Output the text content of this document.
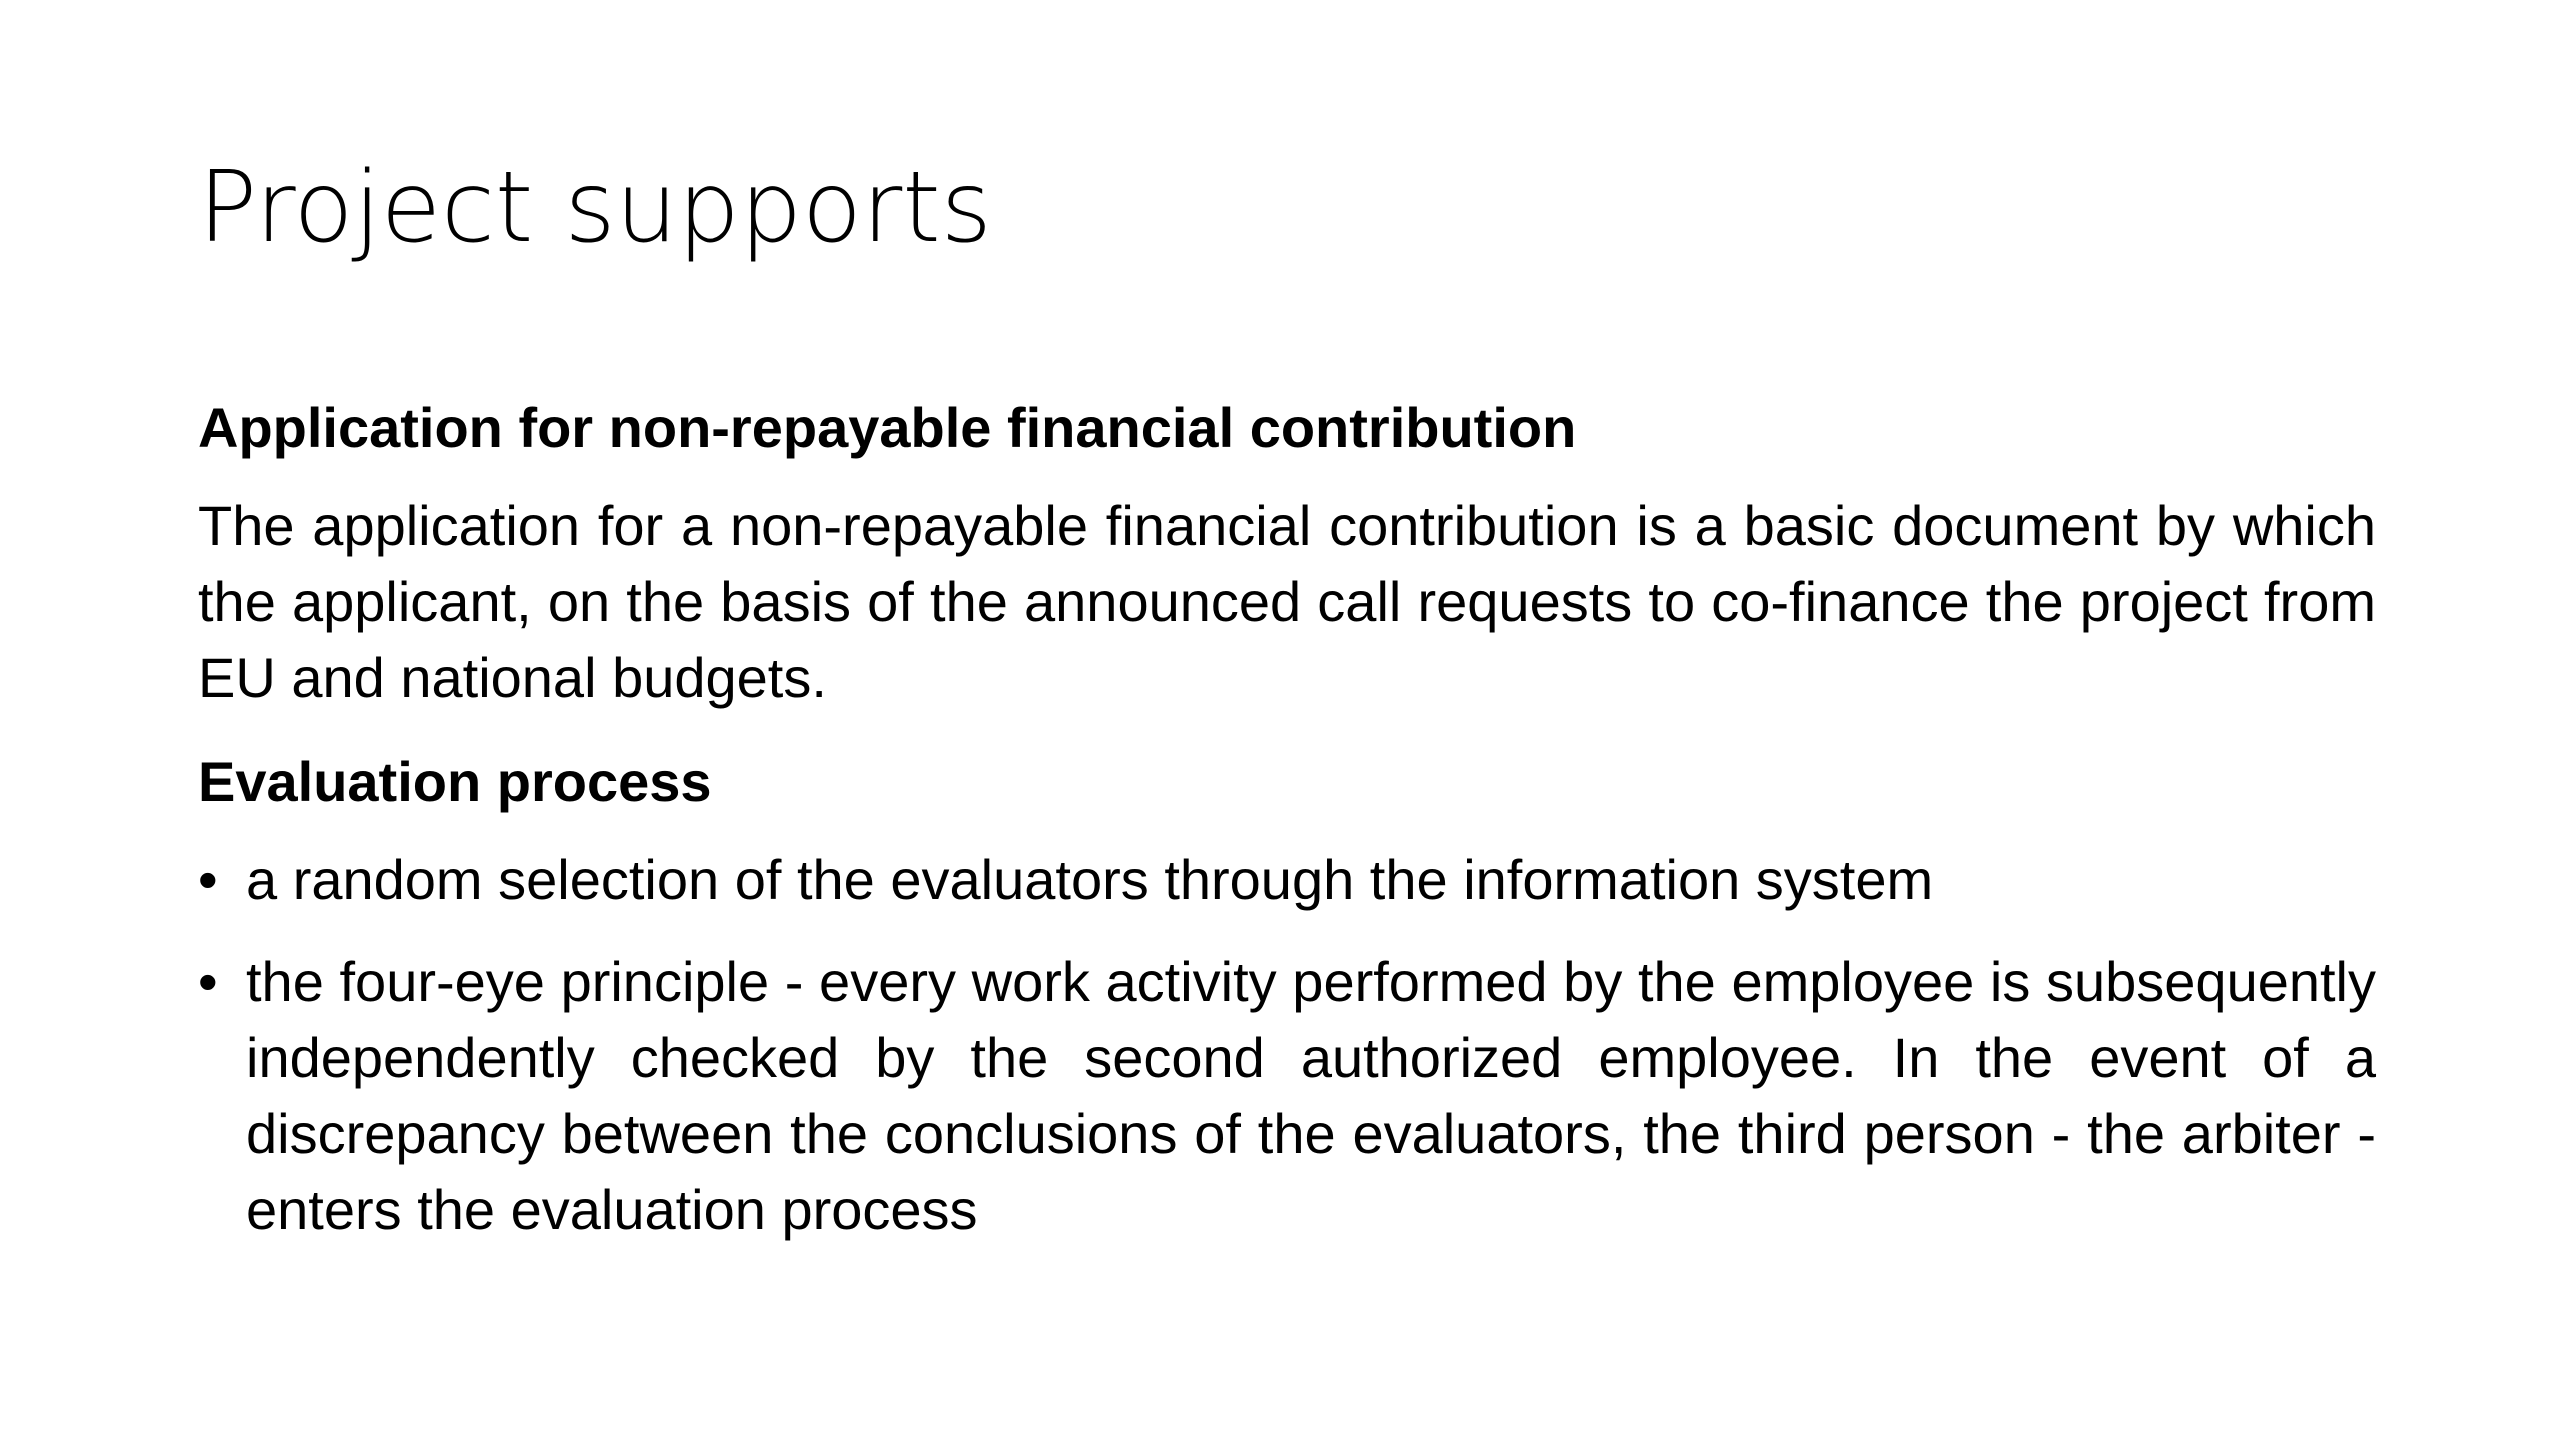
Project supports
Application for non-repayable financial contribution

The application for a non-repayable financial contribution is a basic document by which the applicant, on the basis of the announced call requests to co-finance the project from EU and national budgets.

Evaluation process
• a random selection of the evaluators through the information system
• the four-eye principle - every work activity performed by the employee is subsequently independently checked by the second authorized employee. In the event of a discrepancy between the conclusions of the evaluators, the third person - the arbiter - enters the evaluation process
